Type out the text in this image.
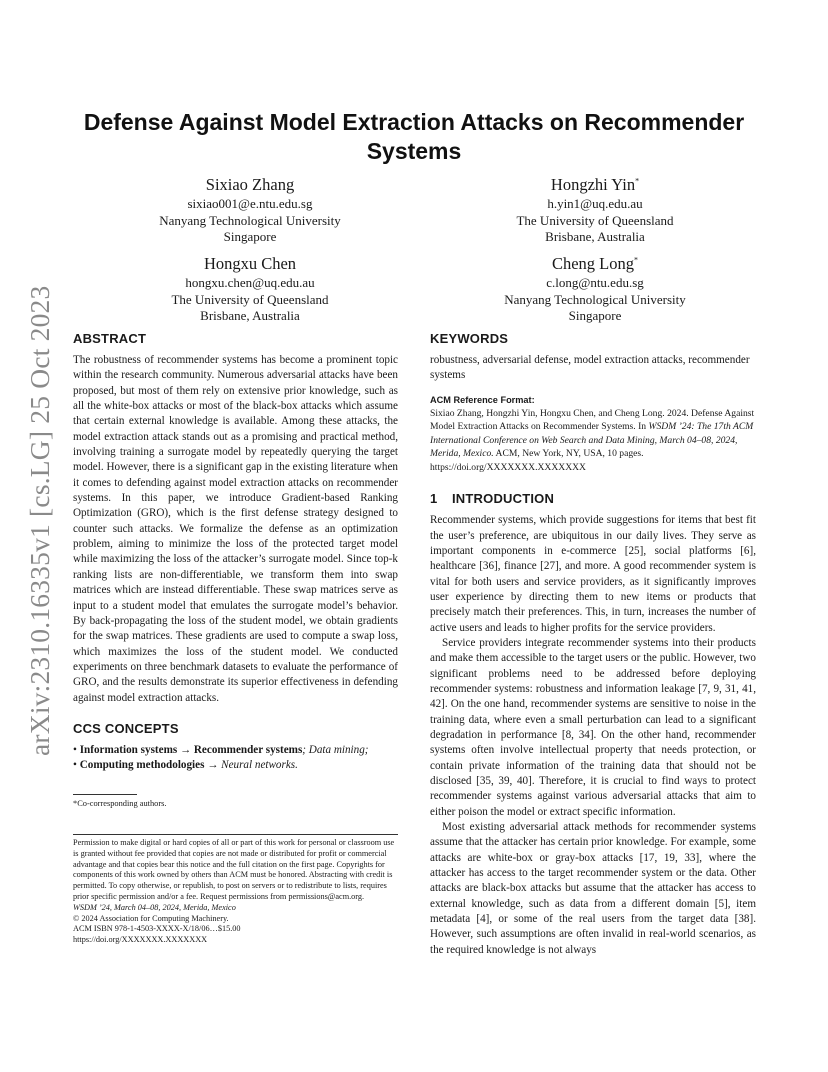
arXiv:2310.16335v1 [cs.LG] 25 Oct 2023
Defense Against Model Extraction Attacks on Recommender Systems
Sixiao Zhang
sixiao001@e.ntu.edu.sg
Nanyang Technological University
Singapore
Hongzhi Yin*
h.yin1@uq.edu.au
The University of Queensland
Brisbane, Australia
Hongxu Chen
hongxu.chen@uq.edu.au
The University of Queensland
Brisbane, Australia
Cheng Long*
c.long@ntu.edu.sg
Nanyang Technological University
Singapore
ABSTRACT

The robustness of recommender systems has become a prominent topic within the research community. Numerous adversarial attacks have been proposed, but most of them rely on extensive prior knowledge, such as all the white-box attacks or most of the black-box attacks which assume that certain external knowledge is available. Among these attacks, the model extraction attack stands out as a promising and practical method, involving training a surrogate model by repeatedly querying the target model. However, there is a significant gap in the existing literature when it comes to defending against model extraction attacks on recommender systems. In this paper, we introduce Gradient-based Ranking Optimization (GRO), which is the first defense strategy designed to counter such attacks. We formalize the defense as an optimization problem, aiming to minimize the loss of the protected target model while maximizing the loss of the attacker’s surrogate model. Since top-k ranking lists are non-differentiable, we transform them into swap matrices which are instead differentiable. These swap matrices serve as input to a student model that emulates the surrogate model’s behavior. By back-propagating the loss of the student model, we obtain gradients for the swap matrices. These gradients are used to compute a swap loss, which maximizes the loss of the student model. We conducted experiments on three benchmark datasets to evaluate the performance of GRO, and the results demonstrate its superior effectiveness in defending against model extraction attacks.

CCS CONCEPTS
• Information systems → Recommender systems; Data mining;
• Computing methodologies → Neural networks.
*Co-corresponding authors.

Permission to make digital or hard copies of all or part of this work for personal or classroom use is granted without fee provided that copies are not made or distributed for profit or commercial advantage and that copies bear this notice and the full citation on the first page. Copyrights for components of this work owned by others than ACM must be honored. Abstracting with credit is permitted. To copy otherwise, or republish, to post on servers or to redistribute to lists, requires prior specific permission and/or a fee. Request permissions from permissions@acm.org.

WSDM ’24, March 04–08, 2024, Merida, Mexico

© 2024 Association for Computing Machinery.

ACM ISBN 978-1-4503-XXXX-X/18/06…$15.00

https://doi.org/XXXXXXX.XXXXXXX

KEYWORDS

robustness, adversarial defense, model extraction attacks, recommender systems

ACM Reference Format:
Sixiao Zhang, Hongzhi Yin, Hongxu Chen, and Cheng Long. 2024. Defense Against Model Extraction Attacks on Recommender Systems. In WSDM ’24: The 17th ACM International Conference on Web Search and Data Mining, March 04–08, 2024, Merida, Mexico. ACM, New York, NY, USA, 10 pages. https://doi.org/XXXXXXX.XXXXXXX
1 INTRODUCTION

Recommender systems, which provide suggestions for items that best fit the user’s preference, are ubiquitous in our daily lives. They serve as important components in e-commerce [25], social platforms [6], healthcare [36], finance [27], and more. A good recommender system is vital for both users and service providers, as it significantly improves user experience by directing them to new items or products that precisely match their preferences. This, in turn, increases the number of active users and leads to higher profits for the service providers.

Service providers integrate recommender systems into their products and make them accessible to the target users or the public. However, two significant problems need to be addressed before deploying recommender systems: robustness and information leakage [7, 9, 31, 41, 42]. On the one hand, recommender systems are sensitive to noise in the training data, where even a small perturbation can lead to a significant degradation in performance [8, 34]. On the other hand, recommender systems often involve intellectual property that needs protection, or contain private information of the training data that should not be disclosed [35, 39, 40]. Therefore, it is crucial to find ways to protect recommender systems against various adversarial attacks that aim to either poison the model or extract specific information.

Most existing adversarial attack methods for recommender systems assume that the attacker has certain prior knowledge. For example, some attacks are white-box or gray-box attacks [17, 19, 33], where the attacker has access to the target recommender system or the data. Other attacks are black-box attacks but assume that the attacker has access to external knowledge, such as data from a different domain [5], item metadata [4], or some of the real users from the target data [38]. However, such assumptions are often invalid in real-world scenarios, as the required knowledge is not always
